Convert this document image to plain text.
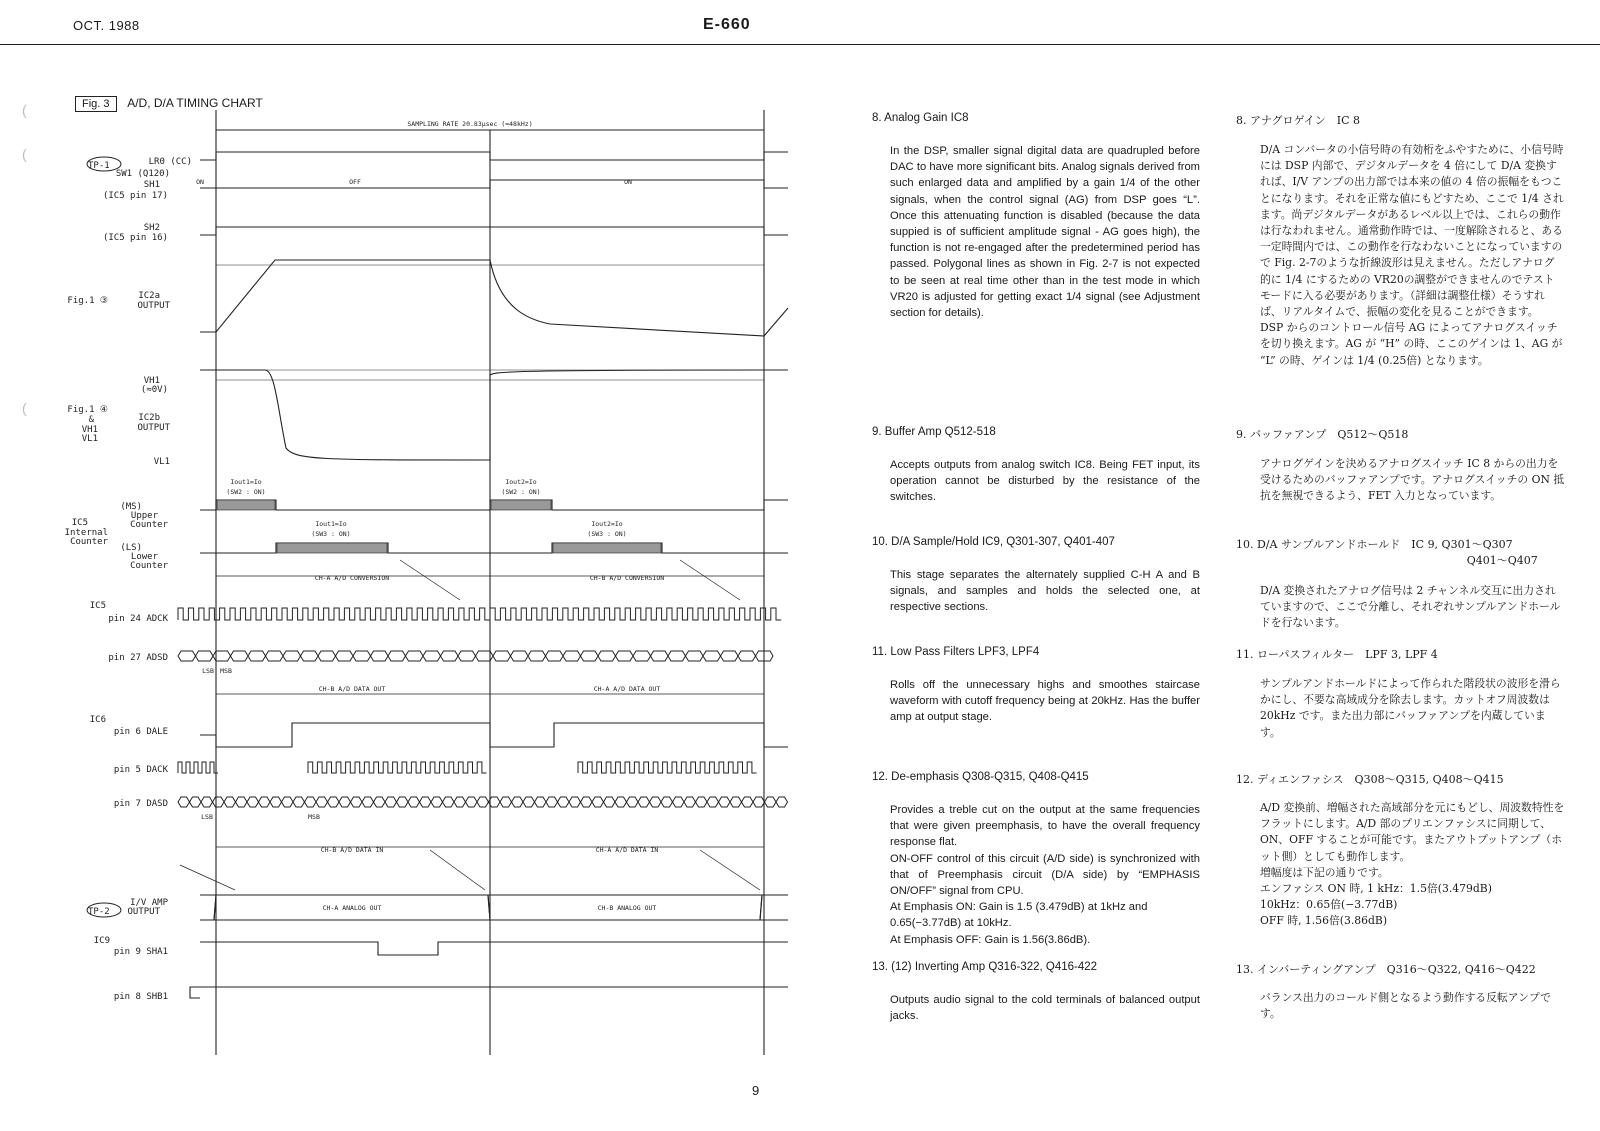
OCT. 1988	E-660
(
(
(
Fig. 3 A/D, D/A TIMING CHART
LR0 (CC)
SW1 (Q120)
SH1
(IC5 pin 17)
SH2
(IC5 pin 16)
Fig.1 ③	IC2a
OUTPUT
VH1
(≈0V)
Fig.1 ④
&
VH1
VL1
IC2b
OUTPUT
VL1
IC5
Internal
Counter
(MS)
Upper
Counter
(LS)
Lower
Counter
IC5
pin 24 ADCK
pin 27 ADSD
IC6
pin 6 DALE
pin 5 DACK
pin 7 DASD
I/V AMP
OUTPUT
IC9
pin 9 SHA1
pin 8 SHB1
TP-1
TP-2
SAMPLING RATE 20.83µsec (≈48kHz)
ON	OFF	ON
Iout1=Io
(SW2 : ON)
Iout2=Io
(SW2 : ON)
Iout1=Io
(SW3 : ON)
Iout2=Io
(SW3 : ON)
CH-A A/D CONVERSION	CH-B A/D CONVERSION
CH-B A/D DATA OUT	CH-A A/D DATA OUT
CH-B A/D DATA IN	CH-A A/D DATA IN
CH-A ANALOG OUT	CH-B ANALOG OUT
LSB MSB
LSB	MSB
8. Analog Gain IC8
In the DSP, smaller signal digital data are quadrupled before DAC to have more significant bits. Analog signals derived from such enlarged data and amplified by a gain 1/4 of the other signals, when the control signal (AG) from DSP goes “L”. Once this attenuating function is disabled (because the data suppied is of sufficient amplitude signal - AG goes high), the function is not re-engaged after the predetermined period has passed. Polygonal lines as shown in Fig. 2-7 is not expected to be seen at real time other than in the test mode in which VR20 is adjusted for getting exact 1/4 signal (see Adjustment section for details).
9. Buffer Amp Q512-518
Accepts outputs from analog switch IC8. Being FET input, its operation cannot be disturbed by the resistance of the switches.
10. D/A Sample/Hold IC9, Q301-307, Q401-407
This stage separates the alternately supplied C-H A and B signals, and samples and holds the selected one, at respective sections.
11. Low Pass Filters LPF3, LPF4
Rolls off the unnecessary highs and smoothes staircase waveform with cutoff frequency being at 20kHz. Has the buffer amp at output stage.
12. De-emphasis Q308-Q315, Q408-Q415
Provides a treble cut on the output at the same frequencies that were given preemphasis, to have the overall frequency response flat.
ON-OFF control of this circuit (A/D side) is synchronized with that of Preemphasis circuit (D/A side) by “EMPHASIS ON/OFF” signal from CPU.
At Emphasis ON: Gain is 1.5 (3.479dB) at 1kHz and
0.65(−3.77dB) at 10kHz.
At Emphasis OFF: Gain is 1.56(3.86dB).
13. (12) Inverting Amp Q316-322, Q416-422
Outputs audio signal to the cold terminals of balanced output jacks.
8. アナグロゲイン　IC 8
D/A コンバータの小信号時の有効桁をふやすために、小信号時には DSP 内部で、デジタルデータを 4 倍にして D/A 変換すれば、I/V アンプの出力部では本来の値の 4 倍の振幅をもつことになります。それを正常な値にもどすため、ここで 1/4 されます。尚デジタルデータがあるレベル以上では、これらの動作は行なわれません。通常動作時では、一度解除されると、ある一定時間内では、この動作を行なわないことになっていますので Fig. 2-7のような折線波形は見えません。ただしアナログ的に 1/4 にするための VR20の調整ができませんのでテストモードに入る必要があります。（詳細は調整仕様）そうすれば、リアルタイムで、振幅の変化を見ることができます。
DSP からのコントロール信号 AG によってアナログスイッチを切り換えます。AG が “H” の時、ここのゲインは 1、AG が “L” の時、ゲインは 1/4 (0.25倍) となります。
9. バッファアンプ　Q512〜Q518
アナログゲインを決めるアナログスイッチ IC 8 からの出力を受けるためのバッファアンプです。アナログスイッチの ON 抵抗を無視できるよう、FET 入力となっています。
10. D/A サンプルアンドホールド　IC 9, Q301〜Q307
Q401〜Q407
D/A 変換されたアナログ信号は 2 チャンネル交互に出力されていますので、ここで分離し、それぞれサンプルアンドホールドを行ないます。
11. ローパスフィルター　LPF 3, LPF 4
サンプルアンドホールドによって作られた階段状の波形を滑らかにし、不要な高域成分を除去します。カットオフ周波数は20kHz です。また出力部にバッファアンプを内蔵しています。
12. ディエンファシス　Q308〜Q315, Q408〜Q415
A/D 変換前、増幅された高域部分を元にもどし、周波数特性をフラットにします。A/D 部のプリエンファシスに同期して、ON、OFF することが可能です。またアウトプットアンプ（ホット側）としても動作します。
増幅度は下記の通りです。
エンファシス ON 時, 1 kHz：1.5倍(3.479dB)
10kHz：0.65倍(−3.77dB)
OFF 時, 1.56倍(3.86dB)
13. インバーティングアンプ　Q316〜Q322, Q416〜Q422
バランス出力のコールド側となるよう動作する反転アンプです。
9
